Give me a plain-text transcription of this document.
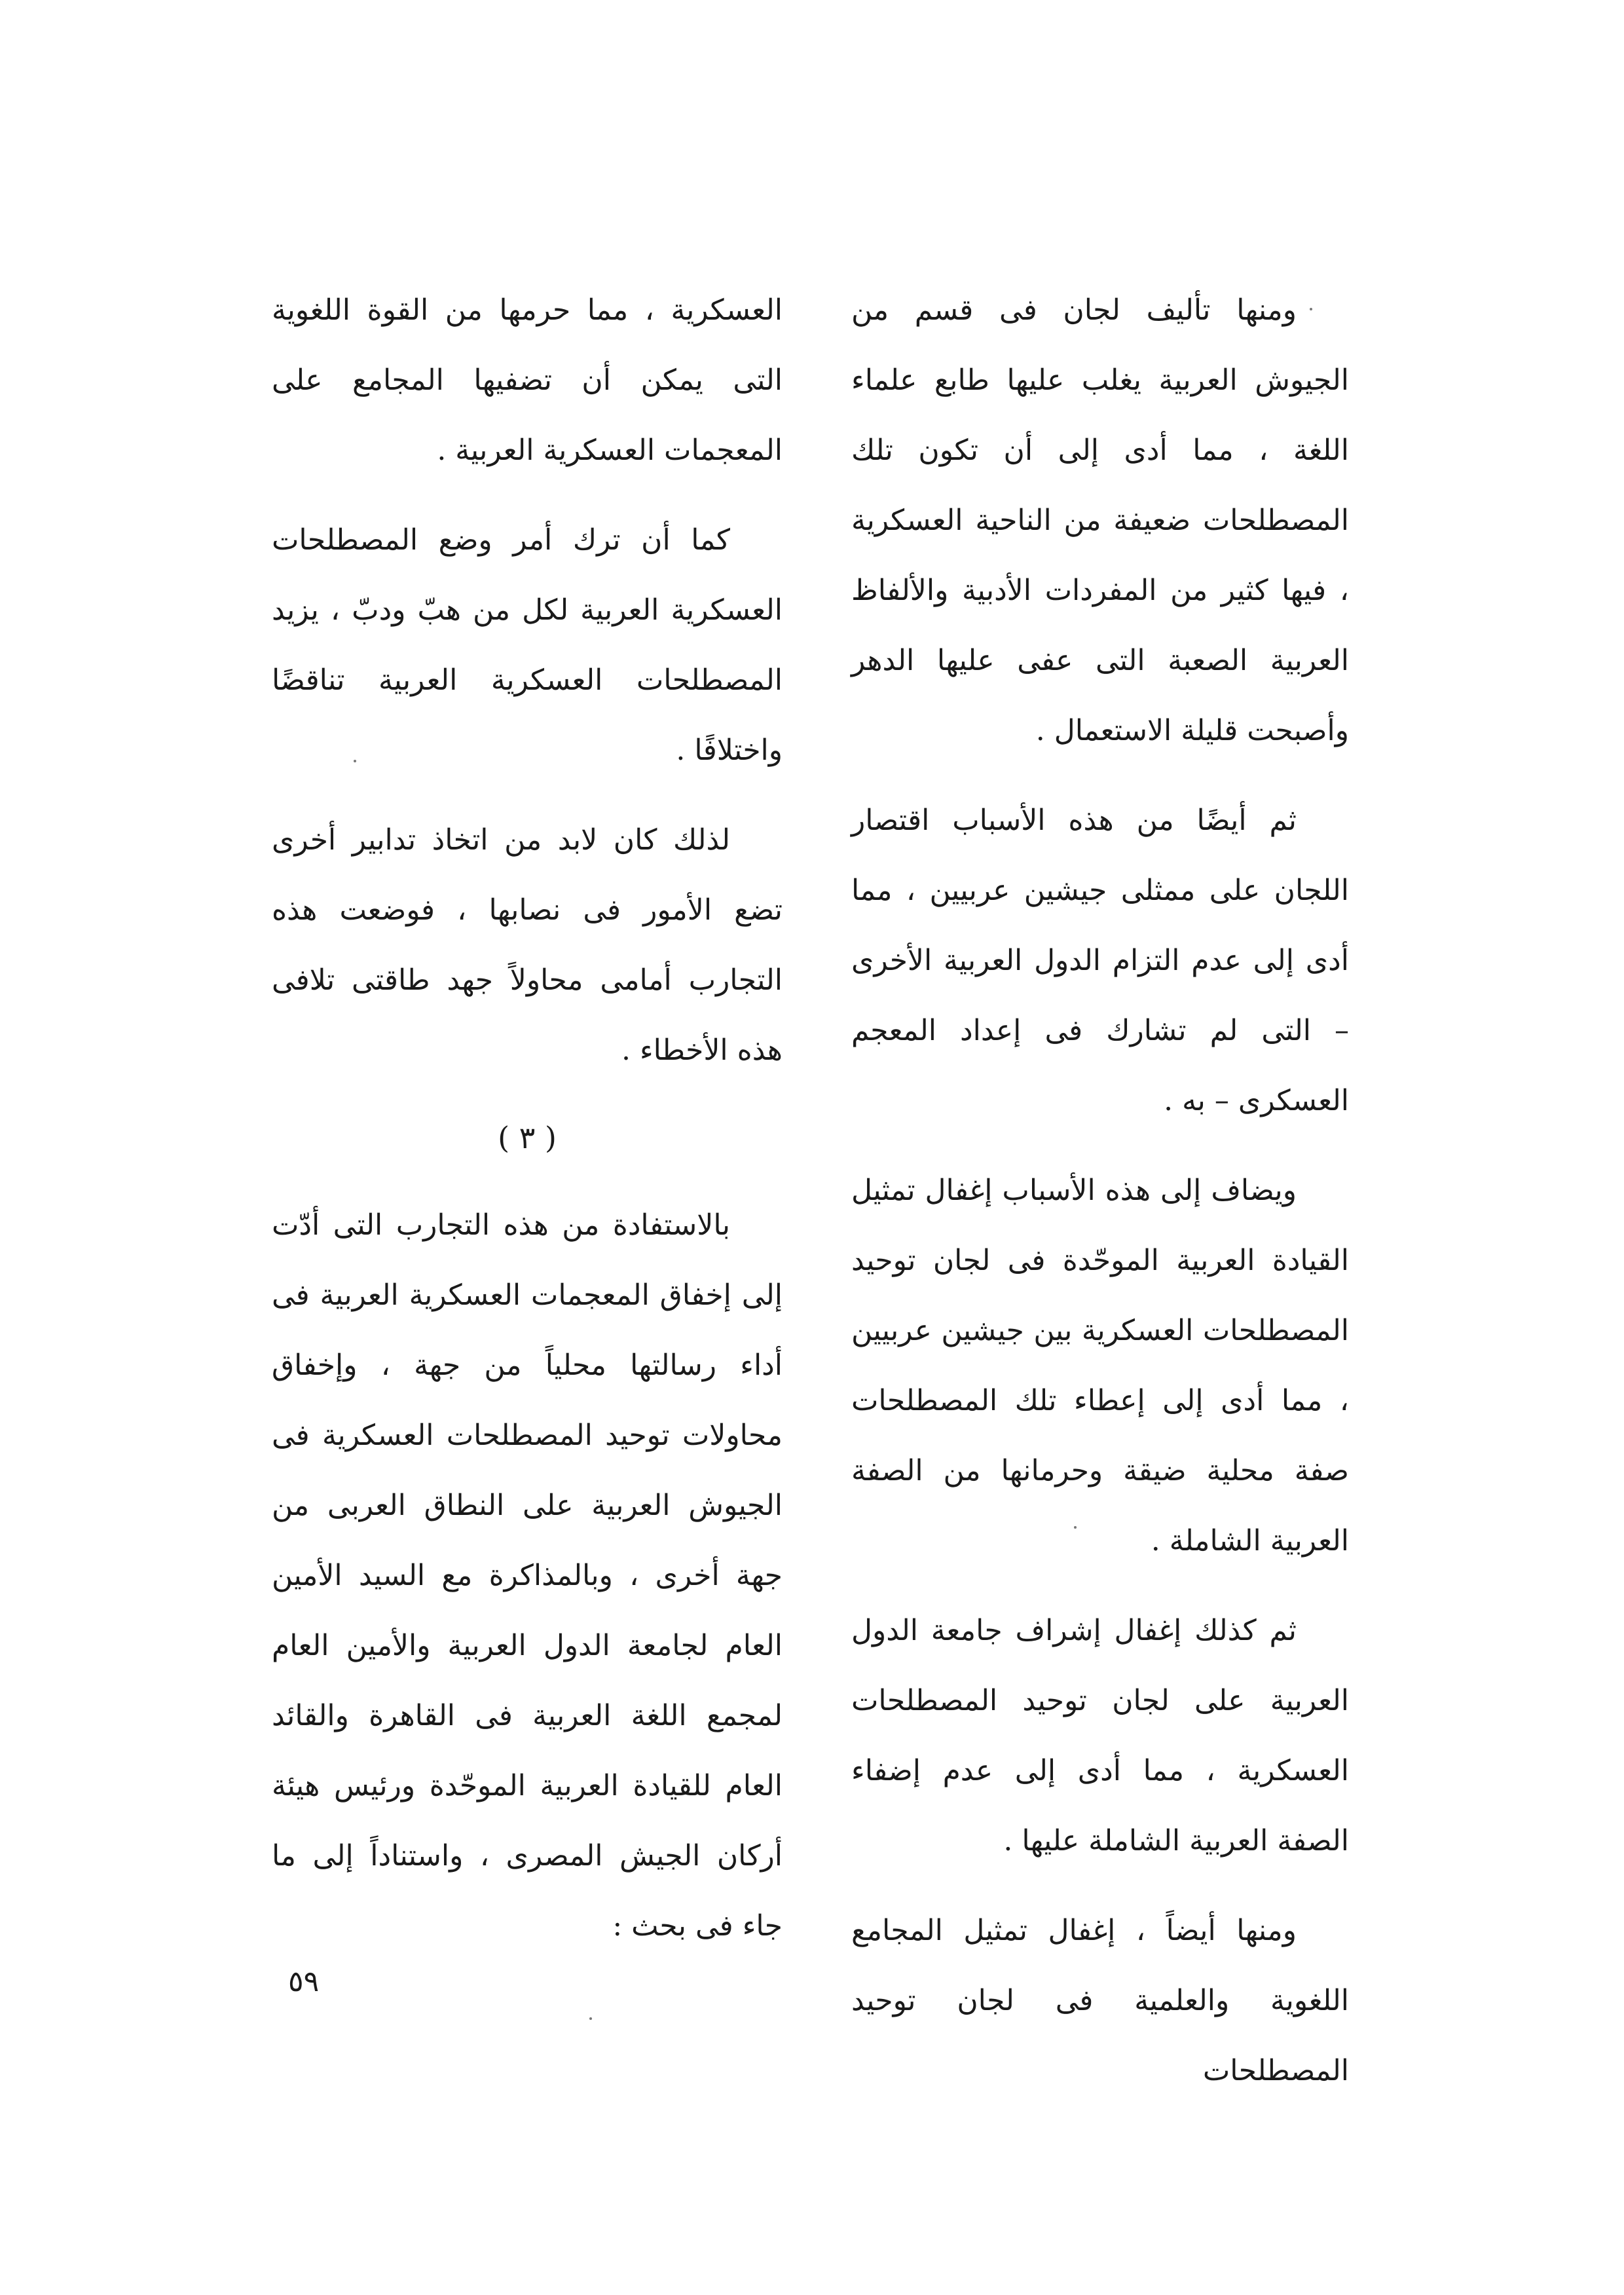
ومنها تأليف لجان فى قسم من الجيوش العربية يغلب عليها طابع علماء اللغة ، مما أدى إلى أن تكون تلك المصطلحات ضعيفة من الناحية العسكرية ، فيها كثير من المفردات الأدبية والألفاظ العربية الصعبة التى عفى عليها الدهر وأصبحت قليلة الاستعمال .

ثم أيضًا من هذه الأسباب اقتصار اللجان على ممثلى جيشين عربيين ، مما أدى إلى عدم التزام الدول العربية الأخرى – التى لم تشارك فى إعداد المعجم العسكرى – به .

ويضاف إلى هذه الأسباب إغفال تمثيل القيادة العربية الموحّدة فى لجان توحيد المصطلحات العسكرية بين جيشين عربيين ، مما أدى إلى إعطاء تلك المصطلحات صفة محلية ضيقة وحرمانها من الصفة العربية الشاملة .

ثم كذلك إغفال إشراف جامعة الدول العربية على لجان توحيد المصطلحات العسكرية ، مما أدى إلى عدم إضفاء الصفة العربية الشاملة عليها .

ومنها أيضاً ، إغفال تمثيل المجامع اللغوية والعلمية فى لجان توحيد المصطلحات

العسكرية ، مما حرمها من القوة اللغوية التى يمكن أن تضفيها المجامع على المعجمات العسكرية العربية .

كما أن ترك أمر وضع المصطلحات العسكرية العربية لكل من هبّ ودبّ ، يزيد المصطلحات العسكرية العربية تناقضًا واختلافًا .

لذلك كان لابد من اتخاذ تدابير أخرى تضع الأمور فى نصابها ، فوضعت هذه التجارب أمامى محاولاً جهد طاقتى تلافى هذه الأخطاء .

( ٣ )

بالاستفادة من هذه التجارب التى أدّت إلى إخفاق المعجمات العسكرية العربية فى أداء رسالتها محلياً من جهة ، وإخفاق محاولات توحيد المصطلحات العسكرية فى الجيوش العربية على النطاق العربى من جهة أخرى ، وبالمذاكرة مع السيد الأمين العام لجامعة الدول العربية والأمين العام لمجمع اللغة العربية فى القاهرة والقائد العام للقيادة العربية الموحّدة ورئيس هيئة أركان الجيش المصرى ، واستناداً إلى ما جاء فى بحث :

٥٩
